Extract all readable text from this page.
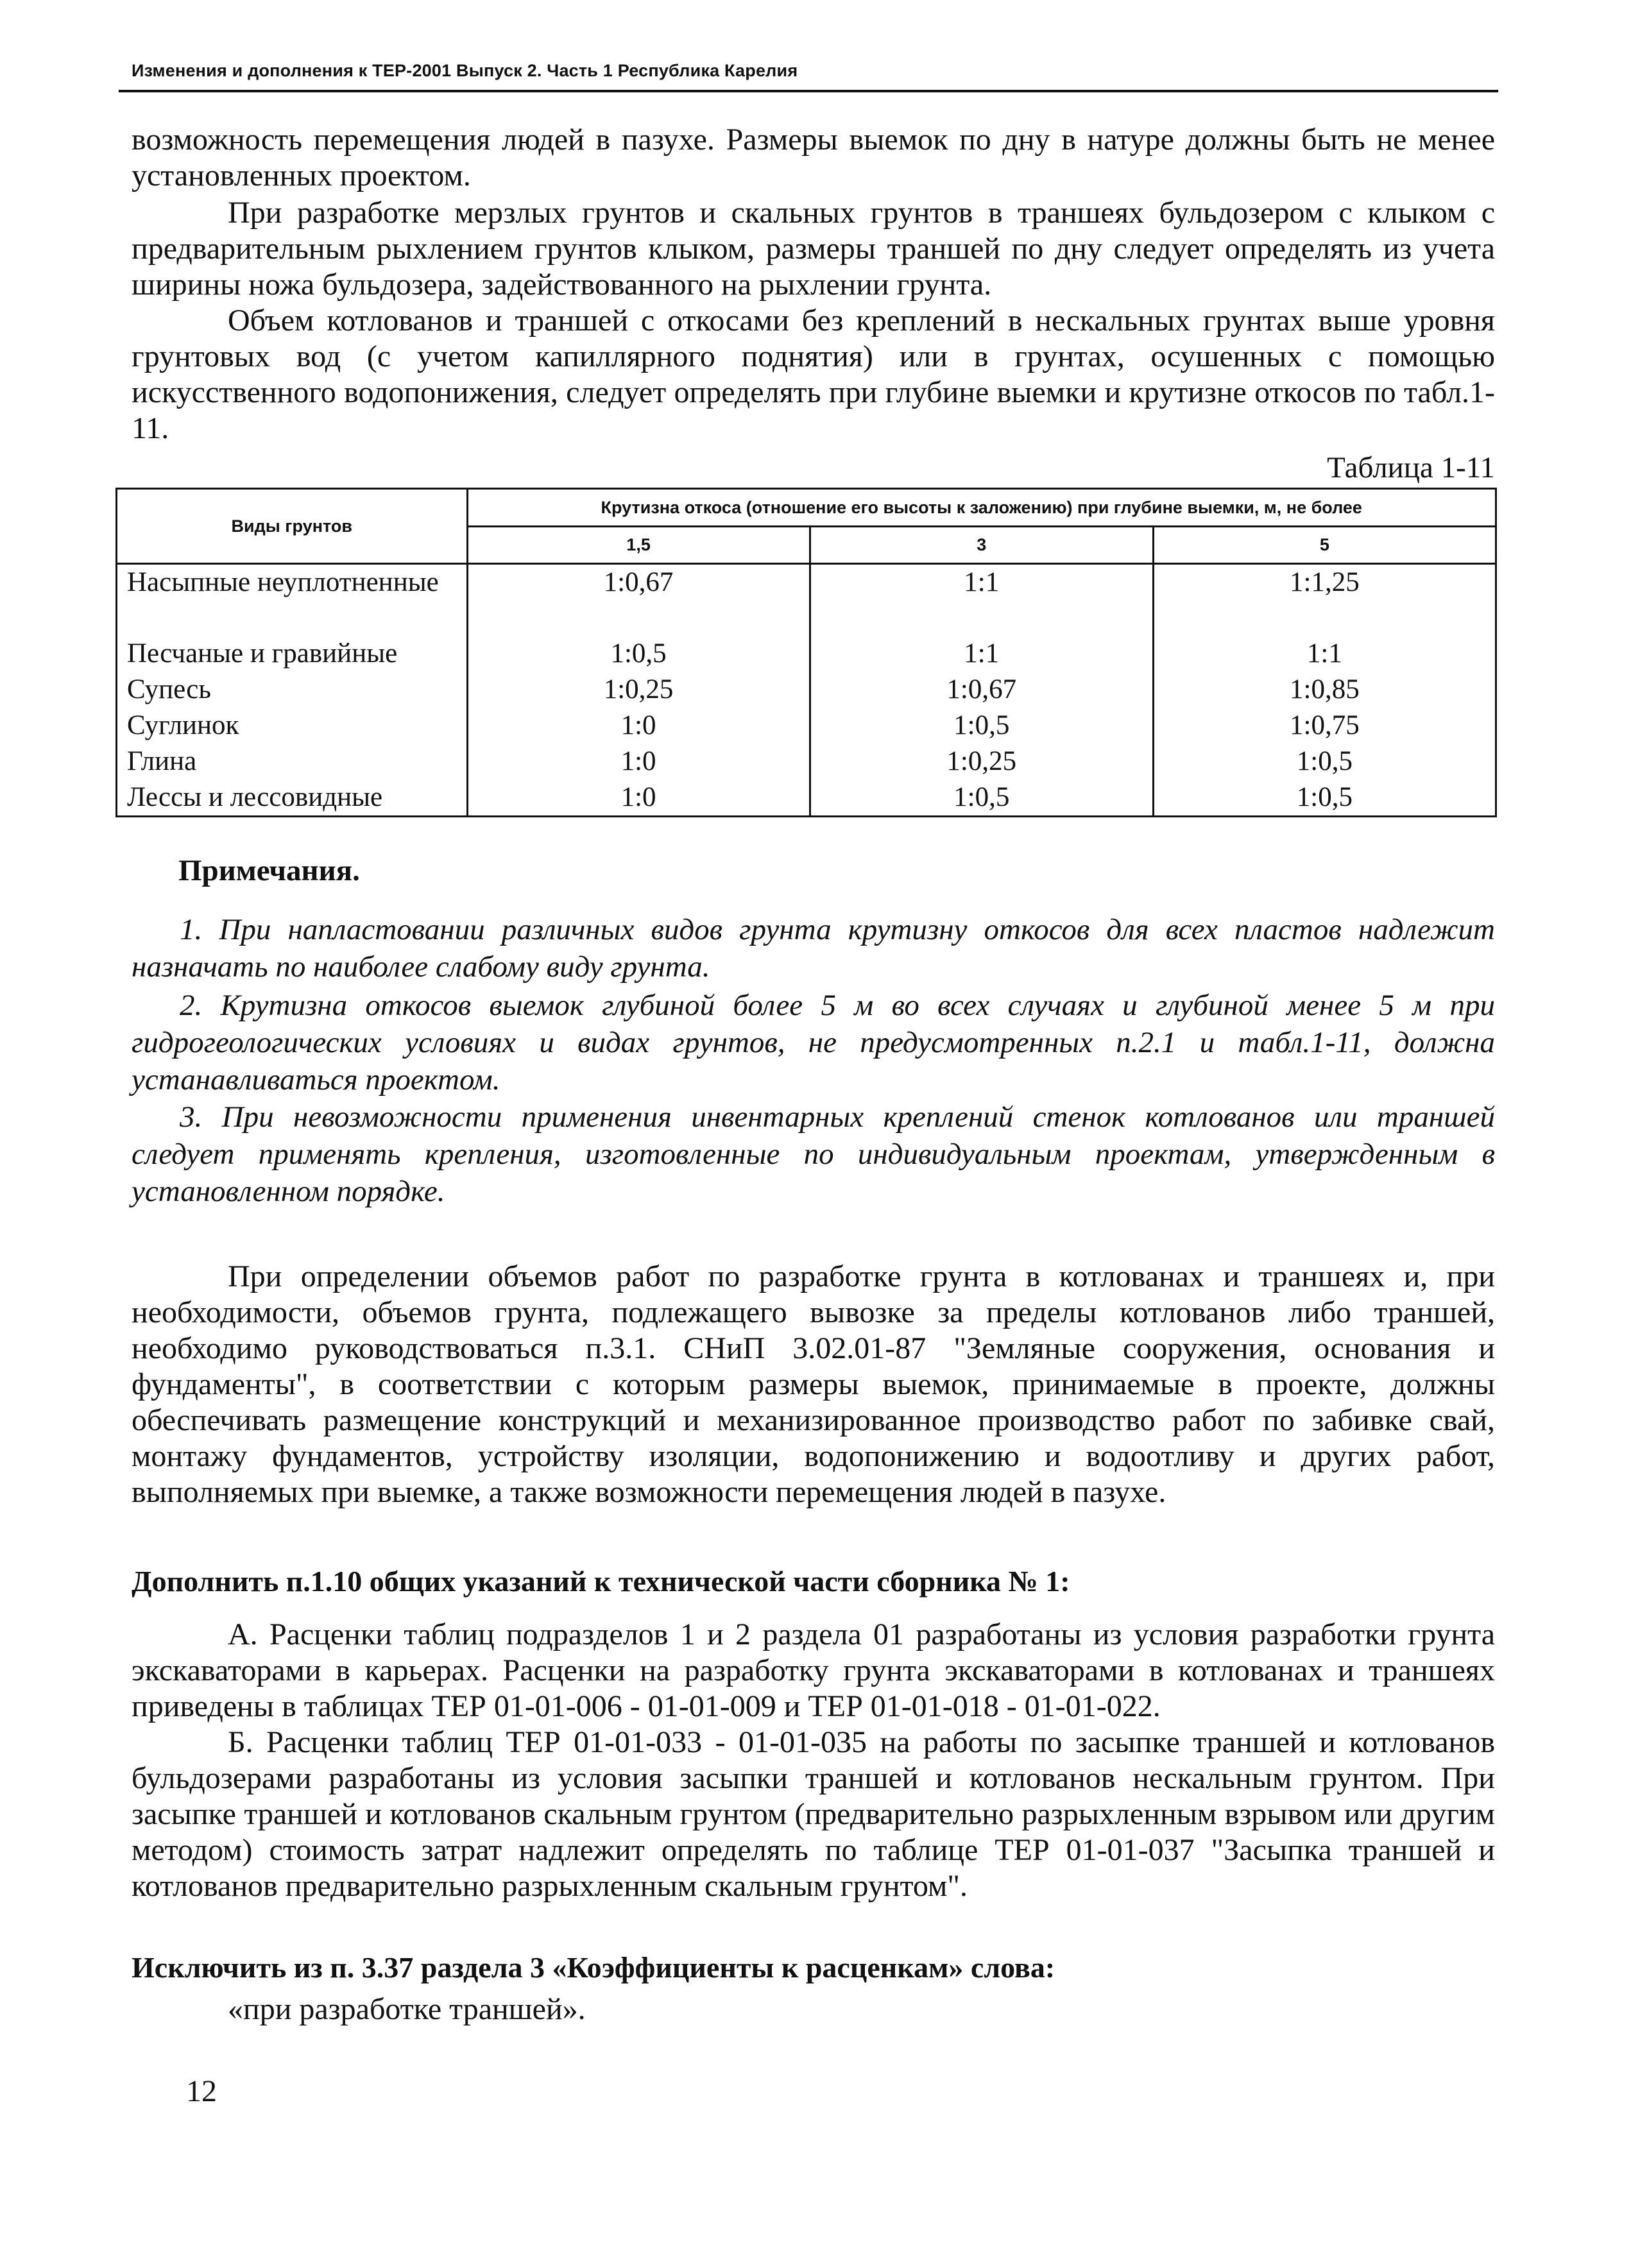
Изменения и дополнения к ТЕР-2001 Выпуск 2. Часть 1 Республика Карелия

возможность перемещения людей в пазухе. Размеры выемок по дну в натуре должны быть не менее установленных проектом.

При разработке мерзлых грунтов и скальных грунтов в траншеях бульдозером с клыком с предварительным рыхлением грунтов клыком, размеры траншей по дну следует определять из учета ширины ножа бульдозера, задействованного на рыхлении грунта.

Объем котлованов и траншей с откосами без креплений в нескальных грунтах выше уровня грунтовых вод (с учетом капиллярного поднятия) или в грунтах, осушенных с помощью искусственного водопонижения, следует определять при глубине выемки и крутизне откосов по табл.1-11.

Таблица 1-11
Виды грунтов	Крутизна откоса (отношение его высоты к заложению) при глубине выемки, м, не более		
	1,5	3	5
Насыпные неуплотненные	1:0,67	1:1	1:1,25
Песчаные и гравийные	1:0,5	1:1	1:1
Супесь	1:0,25	1:0,67	1:0,85
Суглинок	1:0	1:0,5	1:0,75
Глина	1:0	1:0,25	1:0,5
Лессы и лессовидные	1:0	1:0,5	1:0,5
Примечания.

1. При напластовании различных видов грунта крутизну откосов для всех пластов надлежит назначать по наиболее слабому виду грунта.

2. Крутизна откосов выемок глубиной более 5 м во всех случаях и глубиной менее 5 м при гидрогеологических условиях и видах грунтов, не предусмотренных п.2.1 и табл.1-11, должна устанавливаться проектом.

3. При невозможности применения инвентарных креплений стенок котлованов или траншей следует применять крепления, изготовленные по индивидуальным проектам, утвержденным в установленном порядке.

При определении объемов работ по разработке грунта в котлованах и траншеях и, при необходимости, объемов грунта, подлежащего вывозке за пределы котлованов либо траншей, необходимо руководствоваться п.3.1. СНиП 3.02.01-87 "Земляные сооружения, основания и фундаменты", в соответствии с которым размеры выемок, принимаемые в проекте, должны обеспечивать размещение конструкций и механизированное производство работ по забивке свай, монтажу фундаментов, устройству изоляции, водопонижению и водоотливу и других работ, выполняемых при выемке, а также возможности перемещения людей в пазухе.

Дополнить п.1.10 общих указаний к технической части сборника № 1:

А. Расценки таблиц подразделов 1 и 2 раздела 01 разработаны из условия разработки грунта экскаваторами в карьерах. Расценки на разработку грунта экскаваторами в котлованах и траншеях приведены в таблицах ТЕР 01-01-006 - 01-01-009 и ТЕР 01-01-018 - 01-01-022.

Б. Расценки таблиц ТЕР 01-01-033 - 01-01-035 на работы по засыпке траншей и котлованов бульдозерами разработаны из условия засыпки траншей и котлованов нескальным грунтом. При засыпке траншей и котлованов скальным грунтом (предварительно разрыхленным взрывом или другим методом) стоимость затрат надлежит определять по таблице ТЕР 01-01-037 "Засыпка траншей и котлованов предварительно разрыхленным скальным грунтом".

Исключить из п. 3.37 раздела 3 «Коэффициенты к расценкам» слова:

«при разработке траншей».

12
